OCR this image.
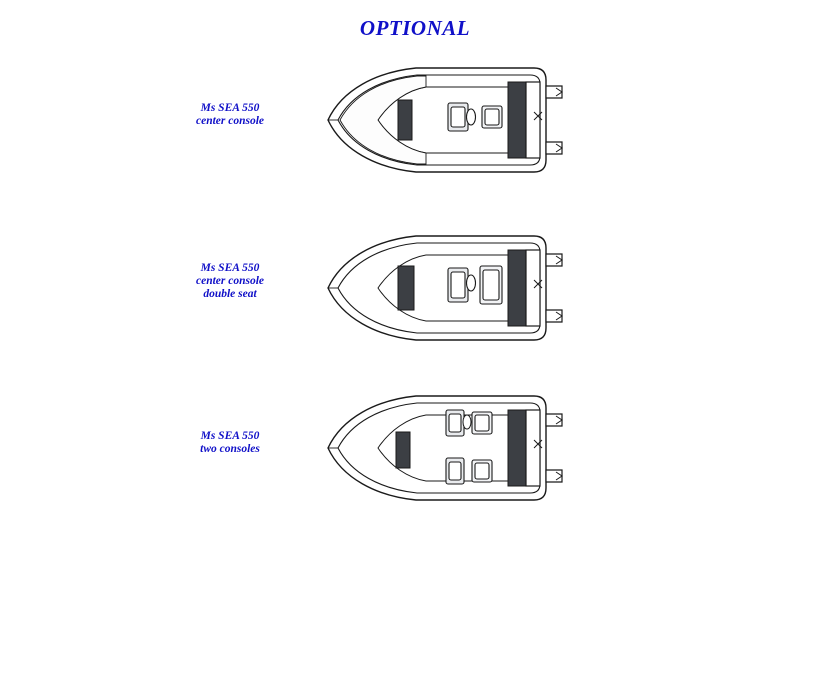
OPTIONAL
Ms SEA 550
center console
Ms SEA 550
center console
double seat
Ms SEA 550
two consoles
